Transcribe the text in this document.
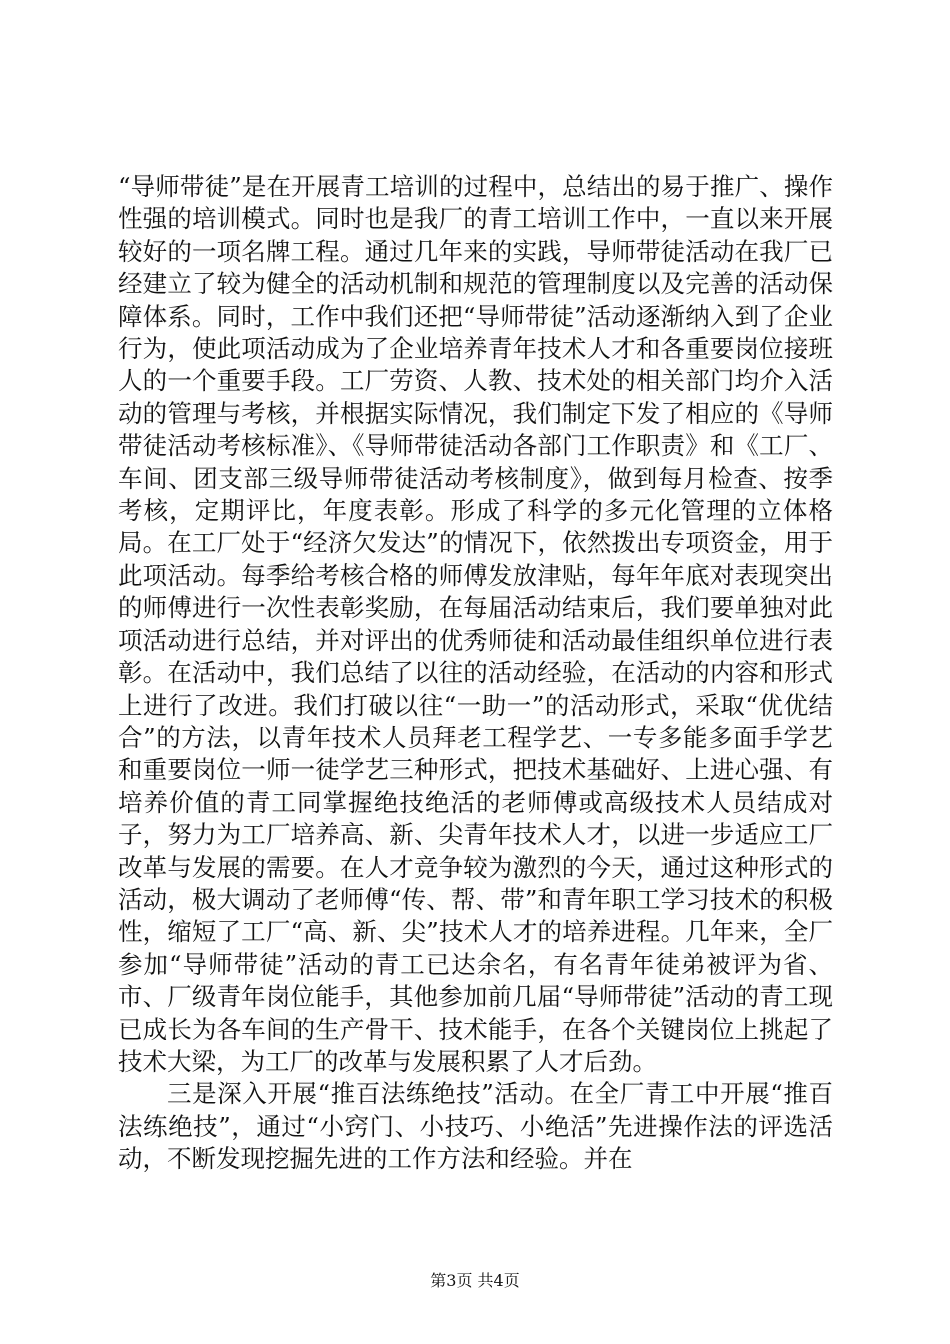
“导师带徒”是在开展青工培训的过程中，总结出的易于推广、操作性强的培训模式。同时也是我厂的青工培训工作中，一直以来开展较好的一项名牌工程。通过几年来的实践，导师带徒活动在我厂已经建立了较为健全的活动机制和规范的管理制度以及完善的活动保障体系。同时，工作中我们还把“导师带徒”活动逐渐纳入到了企业行为，使此项活动成为了企业培养青年技术人才和各重要岗位接班人的一个重要手段。工厂劳资、人教、技术处的相关部门均介入活动的管理与考核，并根据实际情况，我们制定下发了相应的《导师带徒活动考核标准》、《导师带徒活动各部门工作职责》和《工厂、车间、团支部三级导师带徒活动考核制度》，做到每月检查、按季考核，定期评比，年度表彰。形成了科学的多元化管理的立体格局。在工厂处于“经济欠发达”的情况下，依然拨出专项资金，用于此项活动。每季给考核合格的师傅发放津贴，每年年底对表现突出的师傅进行一次性表彰奖励，在每届活动结束后，我们要单独对此项活动进行总结，并对评出的优秀师徒和活动最佳组织单位进行表彰。在活动中，我们总结了以往的活动经验，在活动的内容和形式上进行了改进。我们打破以往“一助一”的活动形式，采取“优优结合”的方法，以青年技术人员拜老工程学艺、一专多能多面手学艺和重要岗位一师一徒学艺三种形式，把技术基础好、上进心强、有培养价值的青工同掌握绝技绝活的老师傅或高级技术人员结成对子，努力为工厂培养高、新、尖青年技术人才，以进一步适应工厂改革与发展的需要。在人才竞争较为激烈的今天，通过这种形式的活动，极大调动了老师傅“传、帮、带”和青年职工学习技术的积极性，缩短了工厂“高、新、尖”技术人才的培养进程。几年来，全厂参加“导师带徒”活动的青工已达余名，有名青年徒弟被评为省、市、厂级青年岗位能手，其他参加前几届“导师带徒”活动的青工现已成长为各车间的生产骨干、技术能手，在各个关键岗位上挑起了技术大梁，为工厂的改革与发展积累了人才后劲。

三是深入开展“推百法练绝技”活动。在全厂青工中开展“推百法练绝技”，通过“小窍门、小技巧、小绝活”先进操作法的评选活动，不断发现挖掘先进的工作方法和经验。并在

第3页 共4页
